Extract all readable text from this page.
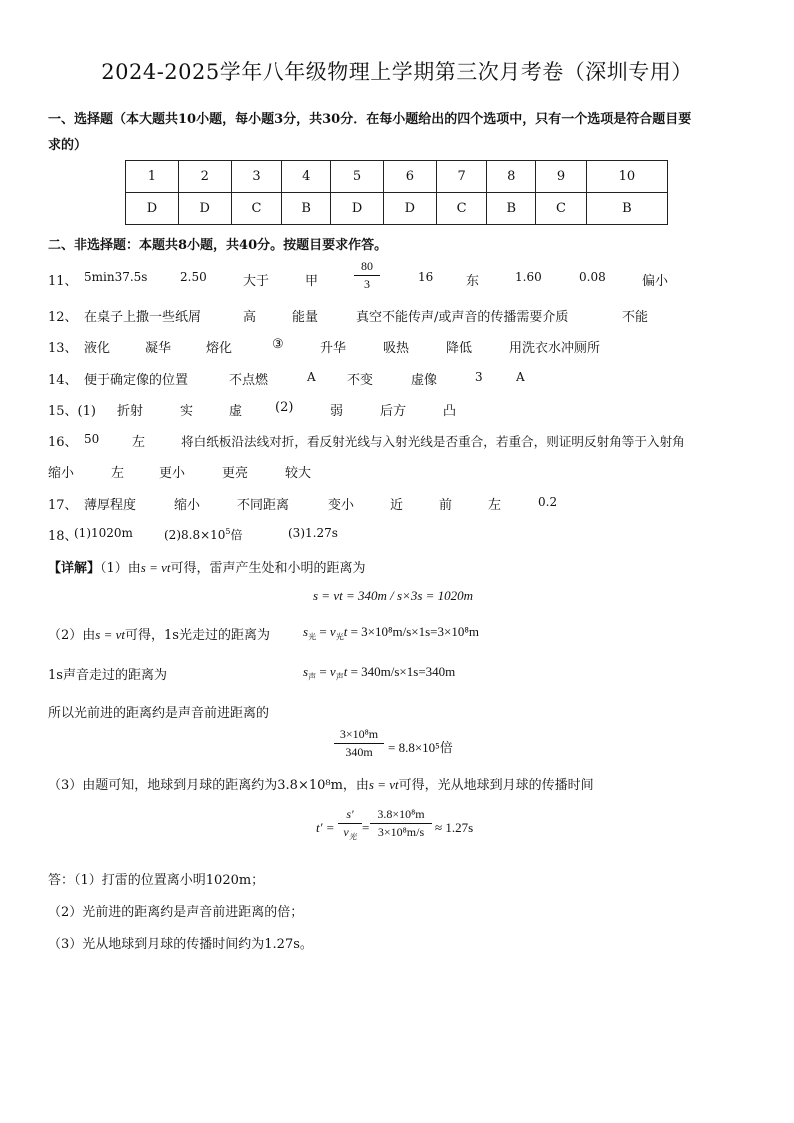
2024-2025学年八年级物理上学期第三次月考卷（深圳专用）
一、选择题（本大题共10小题，每小题3分，共30分．在每小题给出的四个选项中，只有一个选项是符合题目要
求的）
1	2	3	4	5	6	7	8	9	10
D	D	C	B	D	D	C	B	C	B
二、非选择题：本题共8小题，共40分。按题目要求作答。
11、 5min37.5s	2.50	大于	甲
80
3	16	东	1.60	0.08	偏小
12、 在桌子上撒一些纸屑	高	能量	真空不能传声/或声音的传播需要介质	不能
13、 液化	凝华	熔化	③	升华	吸热	降低	用洗衣水冲厕所
14、 便于确定像的位置	不点燃	A 不变	虚像	3	A
15、(1) 折射	实	虚	(2)	弱	后方	凸
16、 50	左	将白纸板沿法线对折，看反射光线与入射光线是否重合，若重合，则证明反射角等于入射角
缩小	左	更小	更亮	较大
17、 薄厚程度	缩小	不同距离	变小	近	前	左	0.2
18、
(1)1020m	$(2)8.8\times 10^5$倍	(3)1.27s
【详解】（1）由s = vt可得，雷声产生处和小明的距离为
s = vt = 340m / s×3s = 1020m
（2）由s = vt可得，1s光走过的距离为	$s_光 = v_光t = 3\times 10^8m/s\times 1s=3\times 10^8m$
1s声音走过的距离为	$s_声 = v_声t = 340m/s\times 1s=340m$
所以光前进的距离约是声音前进距离的
3×10⁸m
340m	= 8.8×10⁵倍
（3）由题可知，地球到月球的距离约为3.8×10⁸m，由s = vt可得，光从地球到月球的传播时间
t′ =
s′
$v_光$
=
3.8×10⁸m
3×10⁸m/s ≈ 1.27s
答：（1）打雷的位置离小明1020m；
（2）光前进的距离约是声音前进距离的倍；
（3）光从地球到月球的传播时间约为1.27s。
